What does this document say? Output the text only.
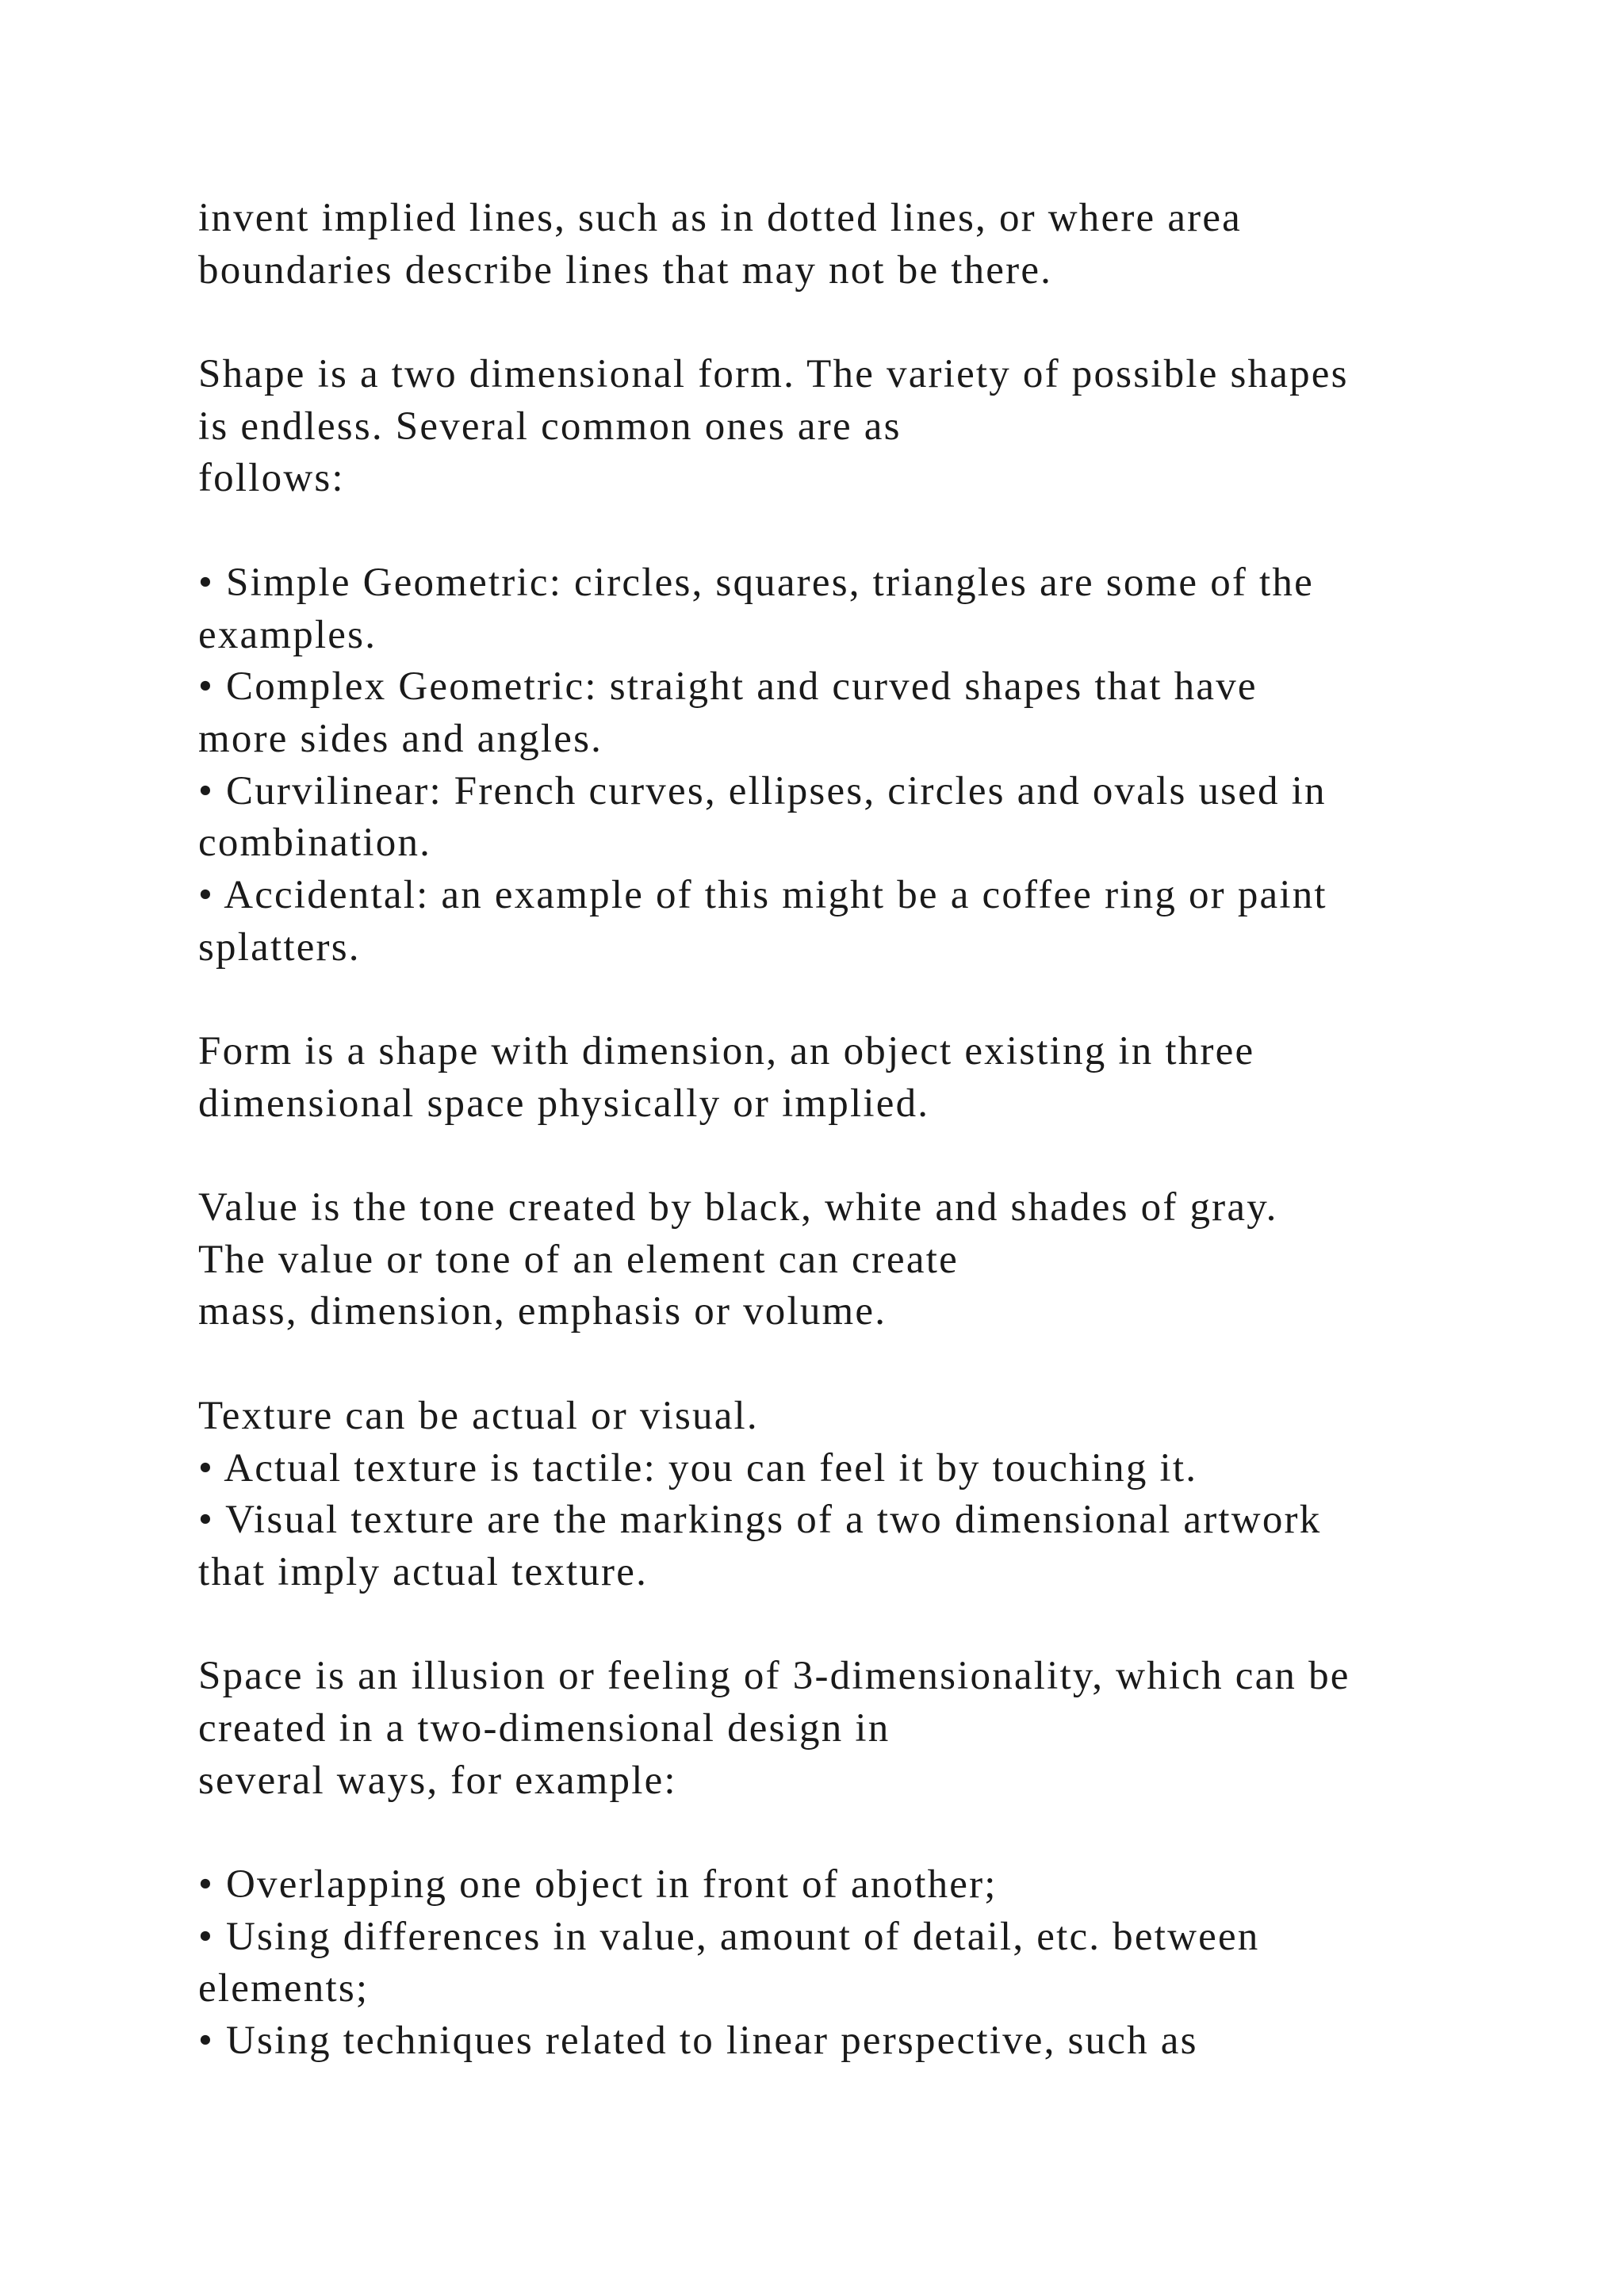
invent implied lines, such as in dotted lines, or where area
boundaries describe lines that may not be there.
Shape is a two dimensional form. The variety of possible shapes
is endless. Several common ones are as
follows:
• Simple Geometric: circles, squares, triangles are some of the
examples.
• Complex Geometric: straight and curved shapes that have
more sides and angles.
• Curvilinear: French curves, ellipses, circles and ovals used in
combination.
• Accidental: an example of this might be a coffee ring or paint
splatters.
Form is a shape with dimension, an object existing in three
dimensional space physically or implied.
Value is the tone created by black, white and shades of gray.
The value or tone of an element can create
mass, dimension, emphasis or volume.
Texture can be actual or visual.
• Actual texture is tactile: you can feel it by touching it.
• Visual texture are the markings of a two dimensional artwork
that imply actual texture.
Space is an illusion or feeling of 3-dimensionality, which can be
created in a two-dimensional design in
several ways, for example:
• Overlapping one object in front of another;
• Using differences in value, amount of detail, etc. between
elements;
• Using techniques related to linear perspective, such as
